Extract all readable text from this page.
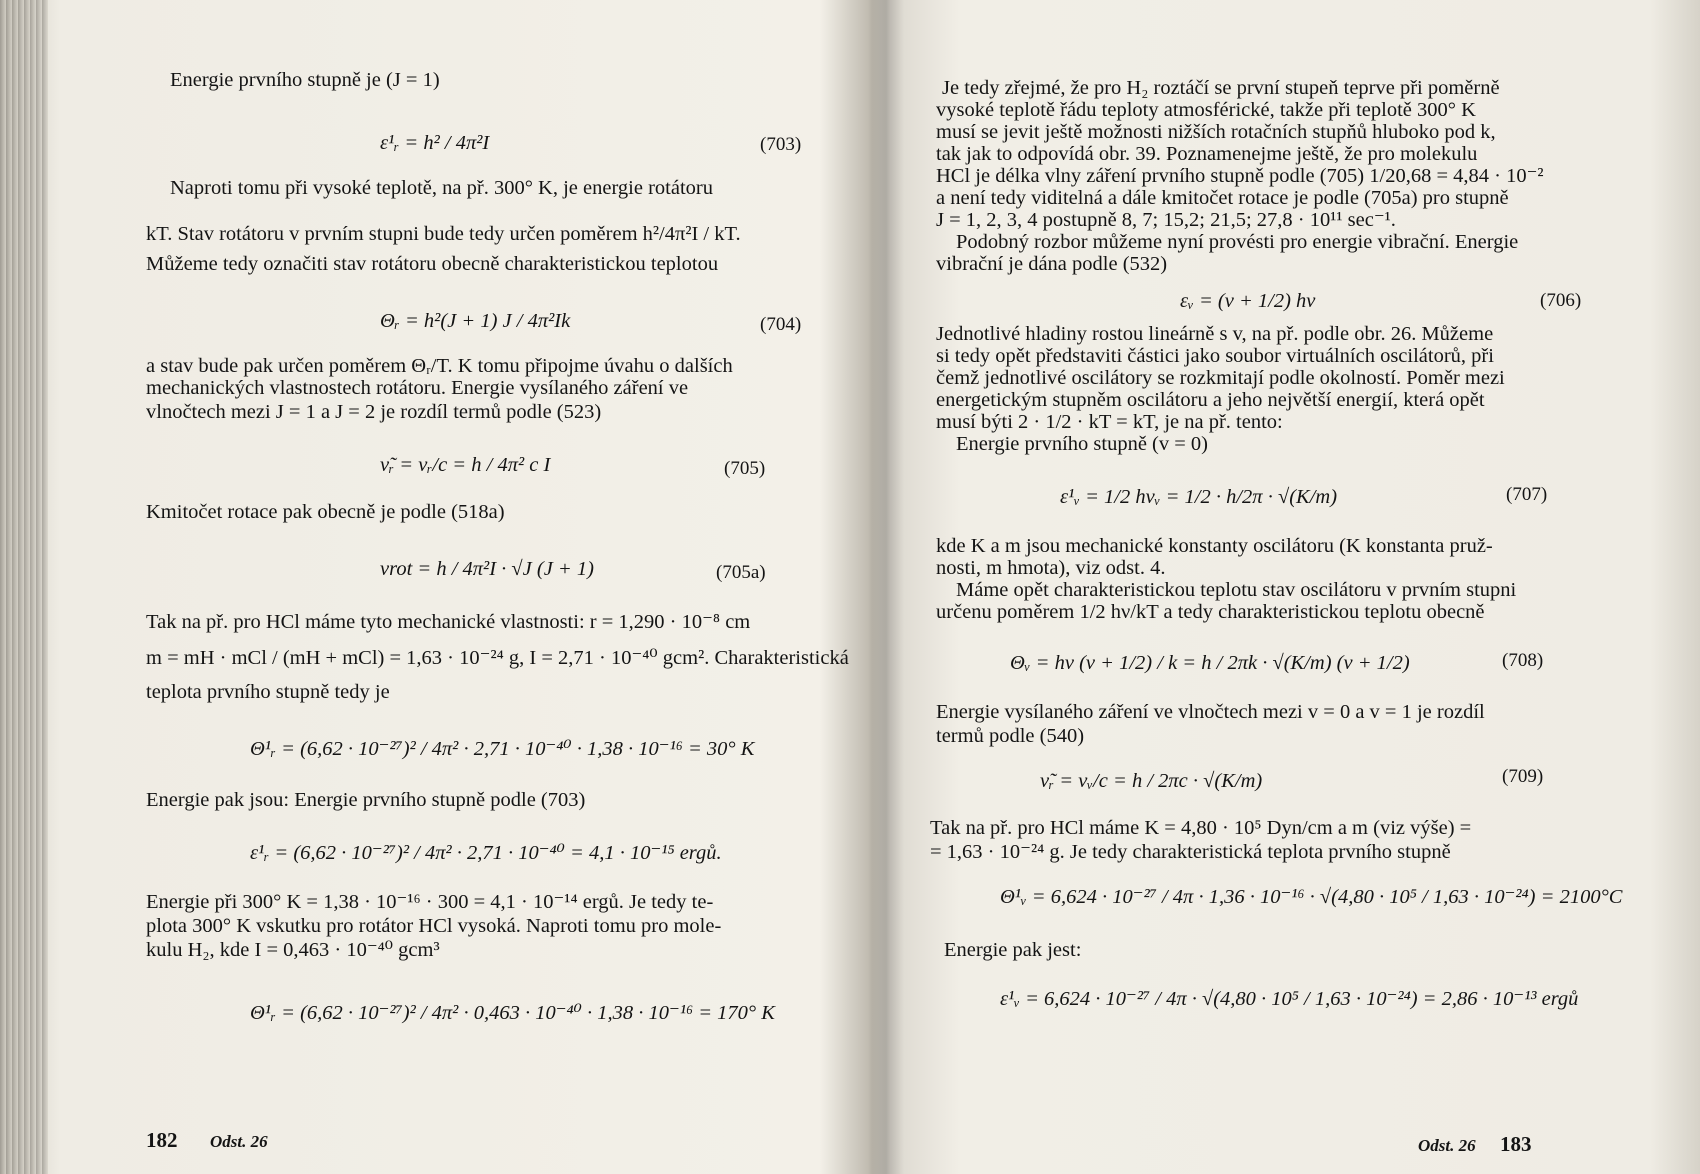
Energie prvního stupně je (J = 1)

ε¹ᵣ = h² / 4π²I	(703)

Naproti tomu při vysoké teplotě, na př. 300° K, je energie rotátoru

kT. Stav rotátoru v prvním stupni bude tedy určen poměrem h²/4π²I / kT.

Můžeme tedy označiti stav rotátoru obecně charakteristickou teplotou

Θᵣ = h²(J + 1) J / 4π²Ik	(704)

a stav bude pak určen poměrem Θᵣ/T. K tomu připojme úvahu o dalších

mechanických vlastnostech rotátoru. Energie vysílaného záření ve

vlnočtech mezi J = 1 a J = 2 je rozdíl termů podle (523)

ν̃ᵣ = νᵣ/c = h / 4π² c I	(705)

Kmitočet rotace pak obecně je podle (518a)

νrot = h / 4π²I · √J (J + 1)	(705a)

Tak na př. pro HCl máme tyto mechanické vlastnosti: r = 1,290 · 10⁻⁸ cm

m = mH · mCl / (mH + mCl) = 1,63 · 10⁻²⁴ g, I = 2,71 · 10⁻⁴⁰ gcm². Charakteristická

teplota prvního stupně tedy je

Θ¹ᵣ = (6,62 · 10⁻²⁷)² / 4π² · 2,71 · 10⁻⁴⁰ · 1,38 · 10⁻¹⁶ = 30° K

Energie pak jsou: Energie prvního stupně podle (703)

ε¹ᵣ = (6,62 · 10⁻²⁷)² / 4π² · 2,71 · 10⁻⁴⁰ = 4,1 · 10⁻¹⁵ ergů.

Energie při 300° K = 1,38 · 10⁻¹⁶ · 300 = 4,1 · 10⁻¹⁴ ergů. Je tedy te-

plota 300° K vskutku pro rotátor HCl vysoká. Naproti tomu pro mole-

kulu H₂, kde I = 0,463 · 10⁻⁴⁰ gcm³

Θ¹ᵣ = (6,62 · 10⁻²⁷)² / 4π² · 0,463 · 10⁻⁴⁰ · 1,38 · 10⁻¹⁶ = 170° K

182 Odst. 26

Je tedy zřejmé, že pro H₂ roztáčí se první stupeň teprve při poměrně

vysoké teplotě řádu teploty atmosférické, takže při teplotě 300° K

musí se jevit ještě možnosti nižších rotačních stupňů hluboko pod k,

tak jak to odpovídá obr. 39. Poznamenejme ještě, že pro molekulu

HCl je délka vlny záření prvního stupně podle (705) 1/20,68 = 4,84 · 10⁻²

a není tedy viditelná a dále kmitočet rotace je podle (705a) pro stupně

J = 1, 2, 3, 4 postupně 8, 7; 15,2; 21,5; 27,8 · 10¹¹ sec⁻¹.

Podobný rozbor můžeme nyní provésti pro energie vibrační. Energie

vibrační je dána podle (532)

εᵥ = (v + 1/2) hν	(706)

Jednotlivé hladiny rostou lineárně s v, na př. podle obr. 26. Můžeme

si tedy opět představiti částici jako soubor virtuálních oscilátorů, při

čemž jednotlivé oscilátory se rozkmitají podle okolností. Poměr mezi

energetickým stupněm oscilátoru a jeho největší energií, která opět

musí býti 2 · 1/2 · kT = kT, je na př. tento:

Energie prvního stupně (v = 0)

ε¹ᵥ = 1/2 hνᵥ = 1/2 · h/2π · √(K/m)	(707)

kde K a m jsou mechanické konstanty oscilátoru (K konstanta pruž-

nosti, m hmota), viz odst. 4.

Máme opět charakteristickou teplotu stav oscilátoru v prvním stupni

určenu poměrem 1/2 hν/kT a tedy charakteristickou teplotu obecně

Θᵥ = hν (v + 1/2) / k = h / 2πk · √(K/m) (v + 1/2)	(708)

Energie vysílaného záření ve vlnočtech mezi v = 0 a v = 1 je rozdíl

termů podle (540)

ν̃ᵣ = νᵥ/c = h / 2πc · √(K/m)	(709)

Tak na př. pro HCl máme K = 4,80 · 10⁵ Dyn/cm a m (viz výše) =

= 1,63 · 10⁻²⁴ g. Je tedy charakteristická teplota prvního stupně

Θ¹ᵥ = 6,624 · 10⁻²⁷ / 4π · 1,36 · 10⁻¹⁶ · √(4,80 · 10⁵ / 1,63 · 10⁻²⁴) = 2100°C

Energie pak jest:

ε¹ᵥ = 6,624 · 10⁻²⁷ / 4π · √(4,80 · 10⁵ / 1,63 · 10⁻²⁴) = 2,86 · 10⁻¹³ ergů

Odst. 26 183
